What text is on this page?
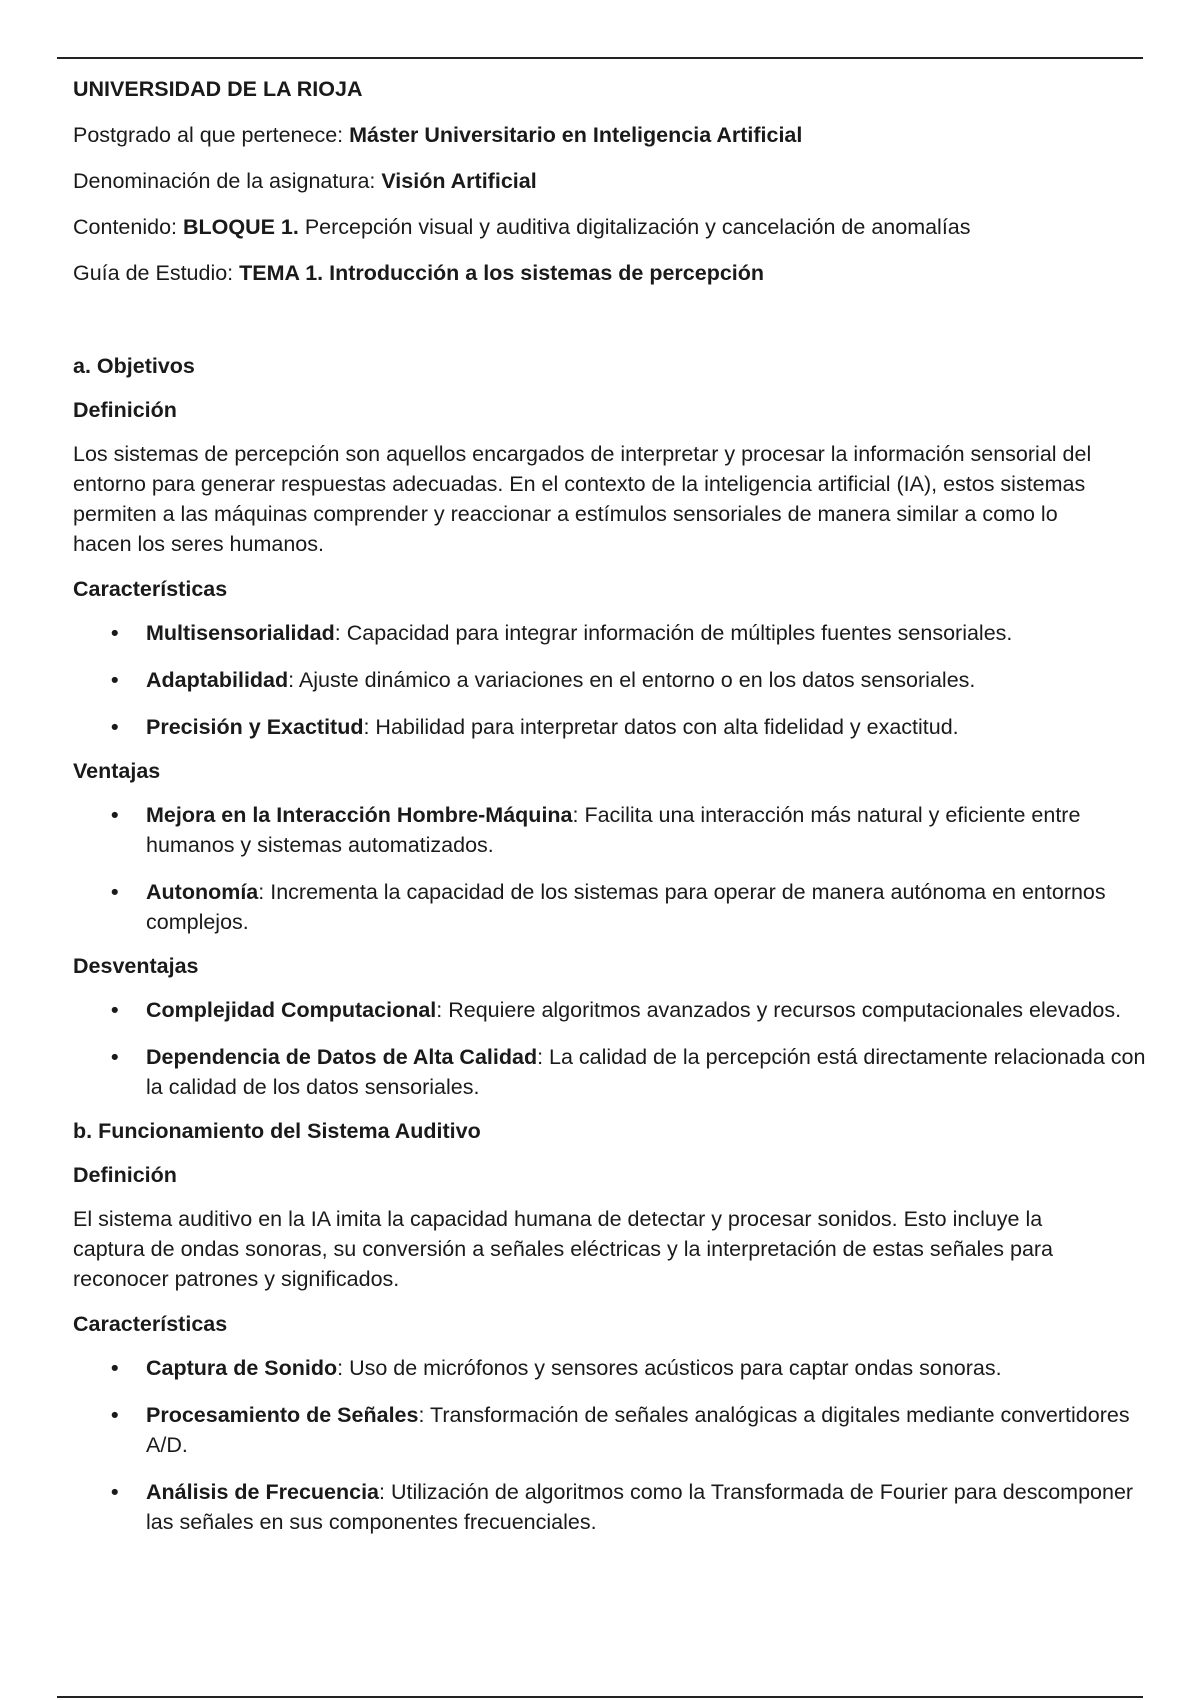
UNIVERSIDAD DE LA RIOJA
Postgrado al que pertenece: Máster Universitario en Inteligencia Artificial
Denominación de la asignatura: Visión Artificial
Contenido: BLOQUE 1. Percepción visual y auditiva digitalización y cancelación de anomalías
Guía de Estudio: TEMA 1. Introducción a los sistemas de percepción
a. Objetivos
Definición
Los sistemas de percepción son aquellos encargados de interpretar y procesar la información sensorial del entorno para generar respuestas adecuadas. En el contexto de la inteligencia artificial (IA), estos sistemas permiten a las máquinas comprender y reaccionar a estímulos sensoriales de manera similar a como lo hacen los seres humanos.
Características
• Multisensorialidad: Capacidad para integrar información de múltiples fuentes sensoriales.
• Adaptabilidad: Ajuste dinámico a variaciones en el entorno o en los datos sensoriales.
• Precisión y Exactitud: Habilidad para interpretar datos con alta fidelidad y exactitud.
Ventajas
• Mejora en la Interacción Hombre-Máquina: Facilita una interacción más natural y eficiente entre humanos y sistemas automatizados.
• Autonomía: Incrementa la capacidad de los sistemas para operar de manera autónoma en entornos complejos.
Desventajas
• Complejidad Computacional: Requiere algoritmos avanzados y recursos computacionales elevados.
• Dependencia de Datos de Alta Calidad: La calidad de la percepción está directamente relacionada con la calidad de los datos sensoriales.
b. Funcionamiento del Sistema Auditivo
Definición
El sistema auditivo en la IA imita la capacidad humana de detectar y procesar sonidos. Esto incluye la captura de ondas sonoras, su conversión a señales eléctricas y la interpretación de estas señales para reconocer patrones y significados.
Características
• Captura de Sonido: Uso de micrófonos y sensores acústicos para captar ondas sonoras.
• Procesamiento de Señales: Transformación de señales analógicas a digitales mediante convertidores A/D.
• Análisis de Frecuencia: Utilización de algoritmos como la Transformada de Fourier para descomponer las señales en sus componentes frecuenciales.
